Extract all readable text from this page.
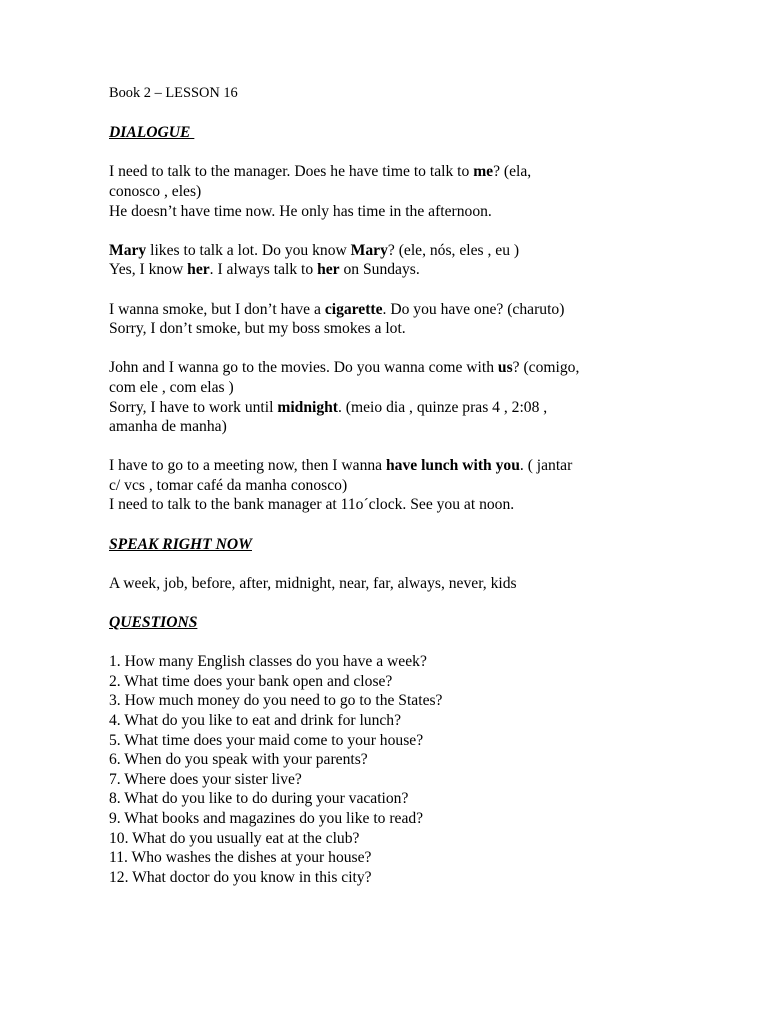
Book 2 – LESSON 16

DIALOGUE

I need to talk to the manager. Does he have time to talk to me? (ela,

conosco , eles)

He doesn’t have time now. He only has time in the afternoon.

Mary likes to talk a lot. Do you know Mary? (ele, nós, eles , eu )

Yes, I know her. I always talk to her on Sundays.

I wanna smoke, but I don’t have a cigarette. Do you have one? (charuto)

Sorry, I don’t smoke, but my boss smokes a lot.

John and I wanna go to the movies. Do you wanna come with us? (comigo,

com ele , com elas )

Sorry, I have to work until midnight. (meio dia , quinze pras 4 , 2:08 ,

amanha de manha)

I have to go to a meeting now, then I wanna have lunch with you. ( jantar

c/ vcs , tomar café da manha conosco)

I need to talk to the bank manager at 11o´clock. See you at noon.

SPEAK RIGHT NOW

A week, job, before, after, midnight, near, far, always, never, kids

QUESTIONS

1. How many English classes do you have a week?

2. What time does your bank open and close?

3. How much money do you need to go to the States?

4. What do you like to eat and drink for lunch?

5. What time does your maid come to your house?

6. When do you speak with your parents?

7. Where does your sister live?

8. What do you like to do during your vacation?

9. What books and magazines do you like to read?

10. What do you usually eat at the club?

11. Who washes the dishes at your house?

12. What doctor do you know in this city?
